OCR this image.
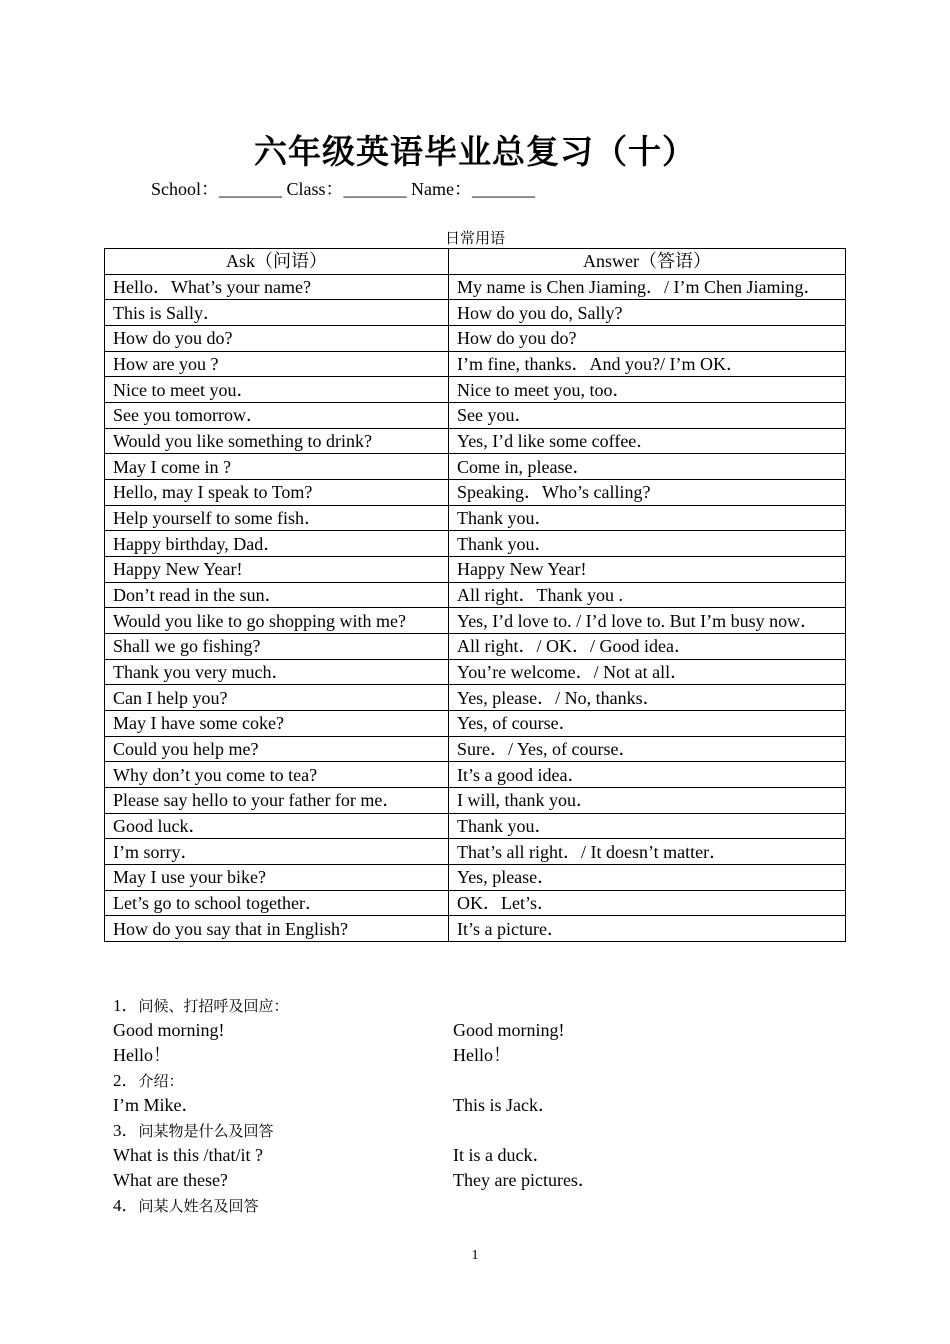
六年级英语毕业总复习（十）
School：_______ Class：_______ Name：_______
日常用语
Ask（问语）	Answer（答语）
Hello．What’s your name?	My name is Chen Jiaming．/ I’m Chen Jiaming．
This is Sally．	How do you do, Sally?
How do you do?	How do you do?
How are you ?	I’m fine, thanks．And you?/ I’m OK．
Nice to meet you．	Nice to meet you, too．
See you tomorrow．	See you．
Would you like something to drink?	Yes, I’d like some coffee．
May I come in ?	Come in, please．
Hello, may I speak to Tom?	Speaking．Who’s calling?
Help yourself to some fish．	Thank you．
Happy birthday, Dad．	Thank you．
Happy New Year!	Happy New Year!
Don’t read in the sun．	All right．Thank you .
Would you like to go shopping with me?	Yes, I’d love to. / I’d love to. But I’m busy now．
Shall we go fishing?	All right．/ OK．/ Good idea．
Thank you very much．	You’re welcome．/ Not at all．
Can I help you?	Yes, please．/ No, thanks．
May I have some coke?	Yes, of course．
Could you help me?	Sure．/ Yes, of course．
Why don’t you come to tea?	It’s a good idea．
Please say hello to your father for me．	I will, thank you．
Good luck．	Thank you．
I’m sorry．	That’s all right．/ It doesn’t matter．
May I use your bike?	Yes, please．
Let’s go to school together．	OK．Let’s．
How do you say that in English?	It’s a picture．
1．问候、打招呼及回应：
Good morning!	Good morning!
Hello！	Hello！
2．介绍：
I’m Mike．	This is Jack．
3．问某物是什么及回答
What is this /that/it ?	It is a duck．
What are these?	They are pictures．
4．问某人姓名及回答
1
